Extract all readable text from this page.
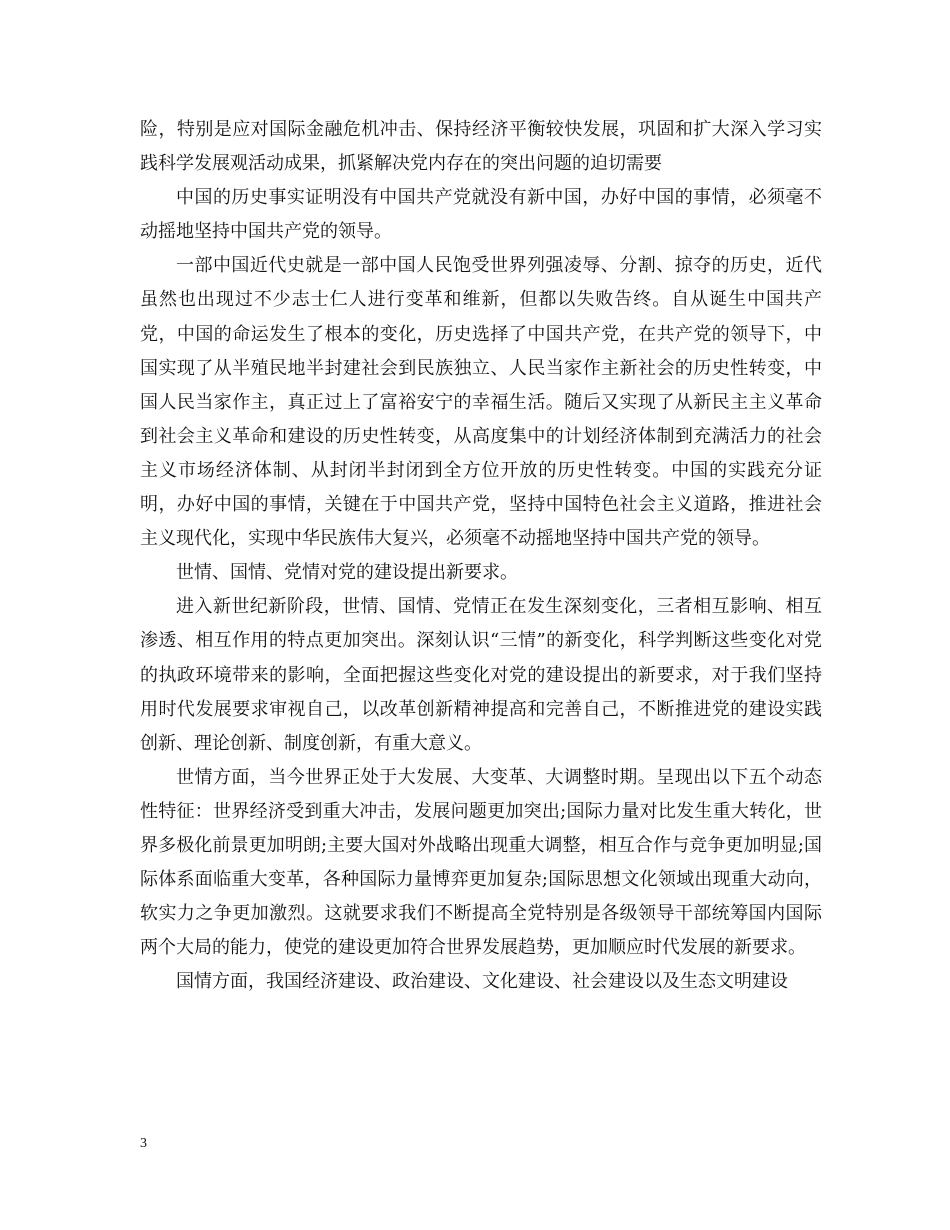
险，特别是应对国际金融危机冲击、保持经济平衡较快发展，巩固和扩大深入学习实践科学发展观活动成果，抓紧解决党内存在的突出问题的迫切需要

中国的历史事实证明没有中国共产党就没有新中国，办好中国的事情，必须毫不动摇地坚持中国共产党的领导。

一部中国近代史就是一部中国人民饱受世界列强凌辱、分割、掠夺的历史，近代虽然也出现过不少志士仁人进行变革和维新，但都以失败告终。自从诞生中国共产党，中国的命运发生了根本的变化，历史选择了中国共产党，在共产党的领导下，中国实现了从半殖民地半封建社会到民族独立、人民当家作主新社会的历史性转变，中国人民当家作主，真正过上了富裕安宁的幸福生活。随后又实现了从新民主主义革命到社会主义革命和建设的历史性转变，从高度集中的计划经济体制到充满活力的社会主义市场经济体制、从封闭半封闭到全方位开放的历史性转变。中国的实践充分证明，办好中国的事情，关键在于中国共产党，坚持中国特色社会主义道路，推进社会主义现代化，实现中华民族伟大复兴，必须毫不动摇地坚持中国共产党的领导。

世情、国情、党情对党的建设提出新要求。

进入新世纪新阶段，世情、国情、党情正在发生深刻变化，三者相互影响、相互渗透、相互作用的特点更加突出。深刻认识“三情”的新变化，科学判断这些变化对党的执政环境带来的影响，全面把握这些变化对党的建设提出的新要求，对于我们坚持用时代发展要求审视自己，以改革创新精神提高和完善自己，不断推进党的建设实践创新、理论创新、制度创新，有重大意义。

世情方面，当今世界正处于大发展、大变革、大调整时期。呈现出以下五个动态性特征：世界经济受到重大冲击，发展问题更加突出;国际力量对比发生重大转化，世界多极化前景更加明朗;主要大国对外战略出现重大调整，相互合作与竞争更加明显;国际体系面临重大变革，各种国际力量博弈更加复杂;国际思想文化领域出现重大动向，软实力之争更加激烈。这就要求我们不断提高全党特别是各级领导干部统筹国内国际两个大局的能力，使党的建设更加符合世界发展趋势，更加顺应时代发展的新要求。

国情方面，我国经济建设、政治建设、文化建设、社会建设以及生态文明建设

3
